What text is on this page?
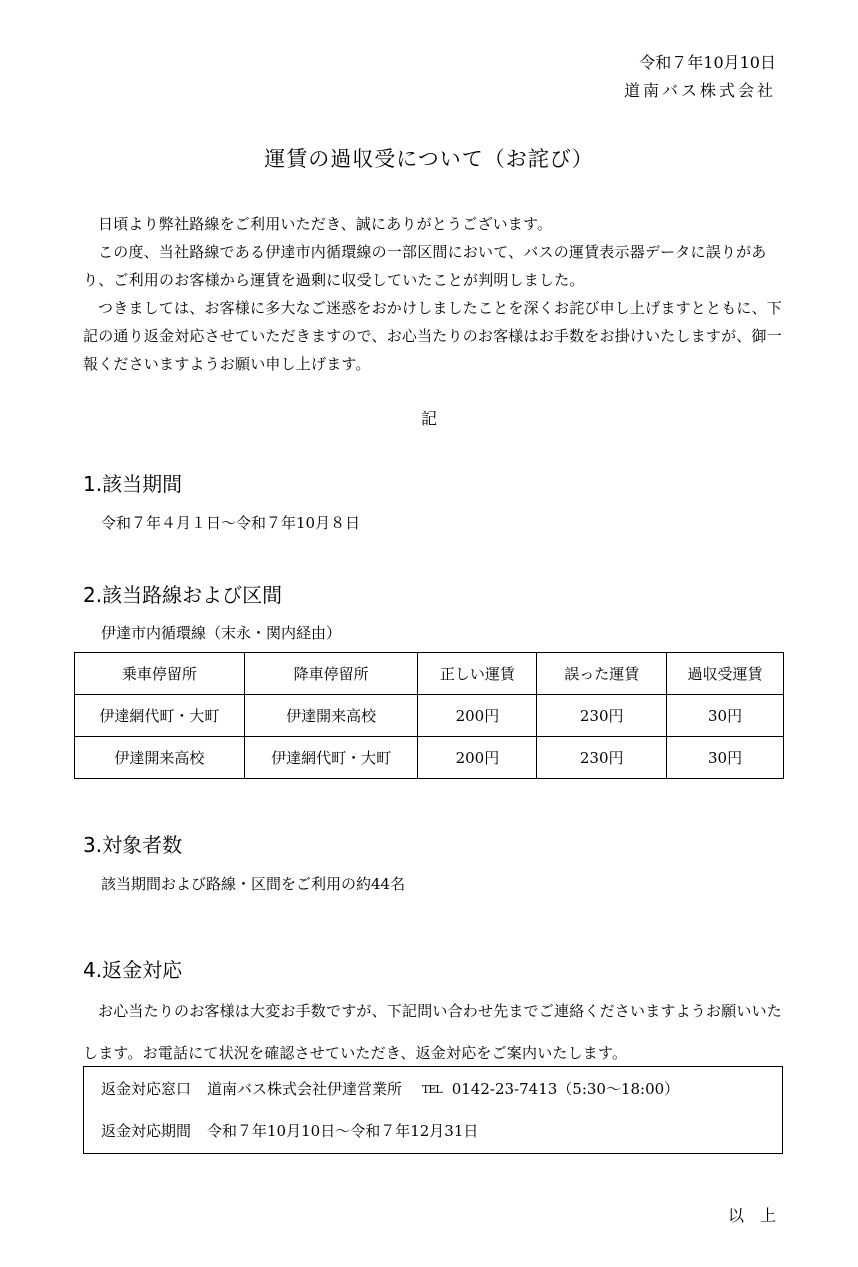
令和７年10月10日
道南バス株式会社
運賃の過収受について（お詫び）

日頃より弊社路線をご利用いただき、誠にありがとうございます。

この度、当社路線である伊達市内循環線の一部区間において、バスの運賃表示器データに誤りがあり、ご利用のお客様から運賃を過剰に収受していたことが判明しました。

つきましては、お客様に多大なご迷惑をおかけしましたことを深くお詫び申し上げますとともに、下記の通り返金対応させていただきますので、お心当たりのお客様はお手数をお掛けいたしますが、御一報くださいますようお願い申し上げます。

記
1.該当期間
令和７年４月１日～令和７年10月８日
2.該当路線および区間
伊達市内循環線（末永・関内経由）
乗車停留所	降車停留所	正しい運賃	誤った運賃	過収受運賃
伊達網代町・大町	伊達開来高校	200円	230円	30円
伊達開来高校	伊達網代町・大町	200円	230円	30円
3.対象者数
該当期間および路線・区間をご利用の約44名
4.返金対応

お心当たりのお客様は大変お手数ですが、下記問い合わせ先までご連絡くださいますようお願いいたします。お電話にて状況を確認させていただき、返金対応をご案内いたします。

返金対応窓口 道南バス株式会社伊達営業所 TEL 0142-23-7413（5:30～18:00）
返金対応期間 令和７年10月10日～令和７年12月31日
以　上
